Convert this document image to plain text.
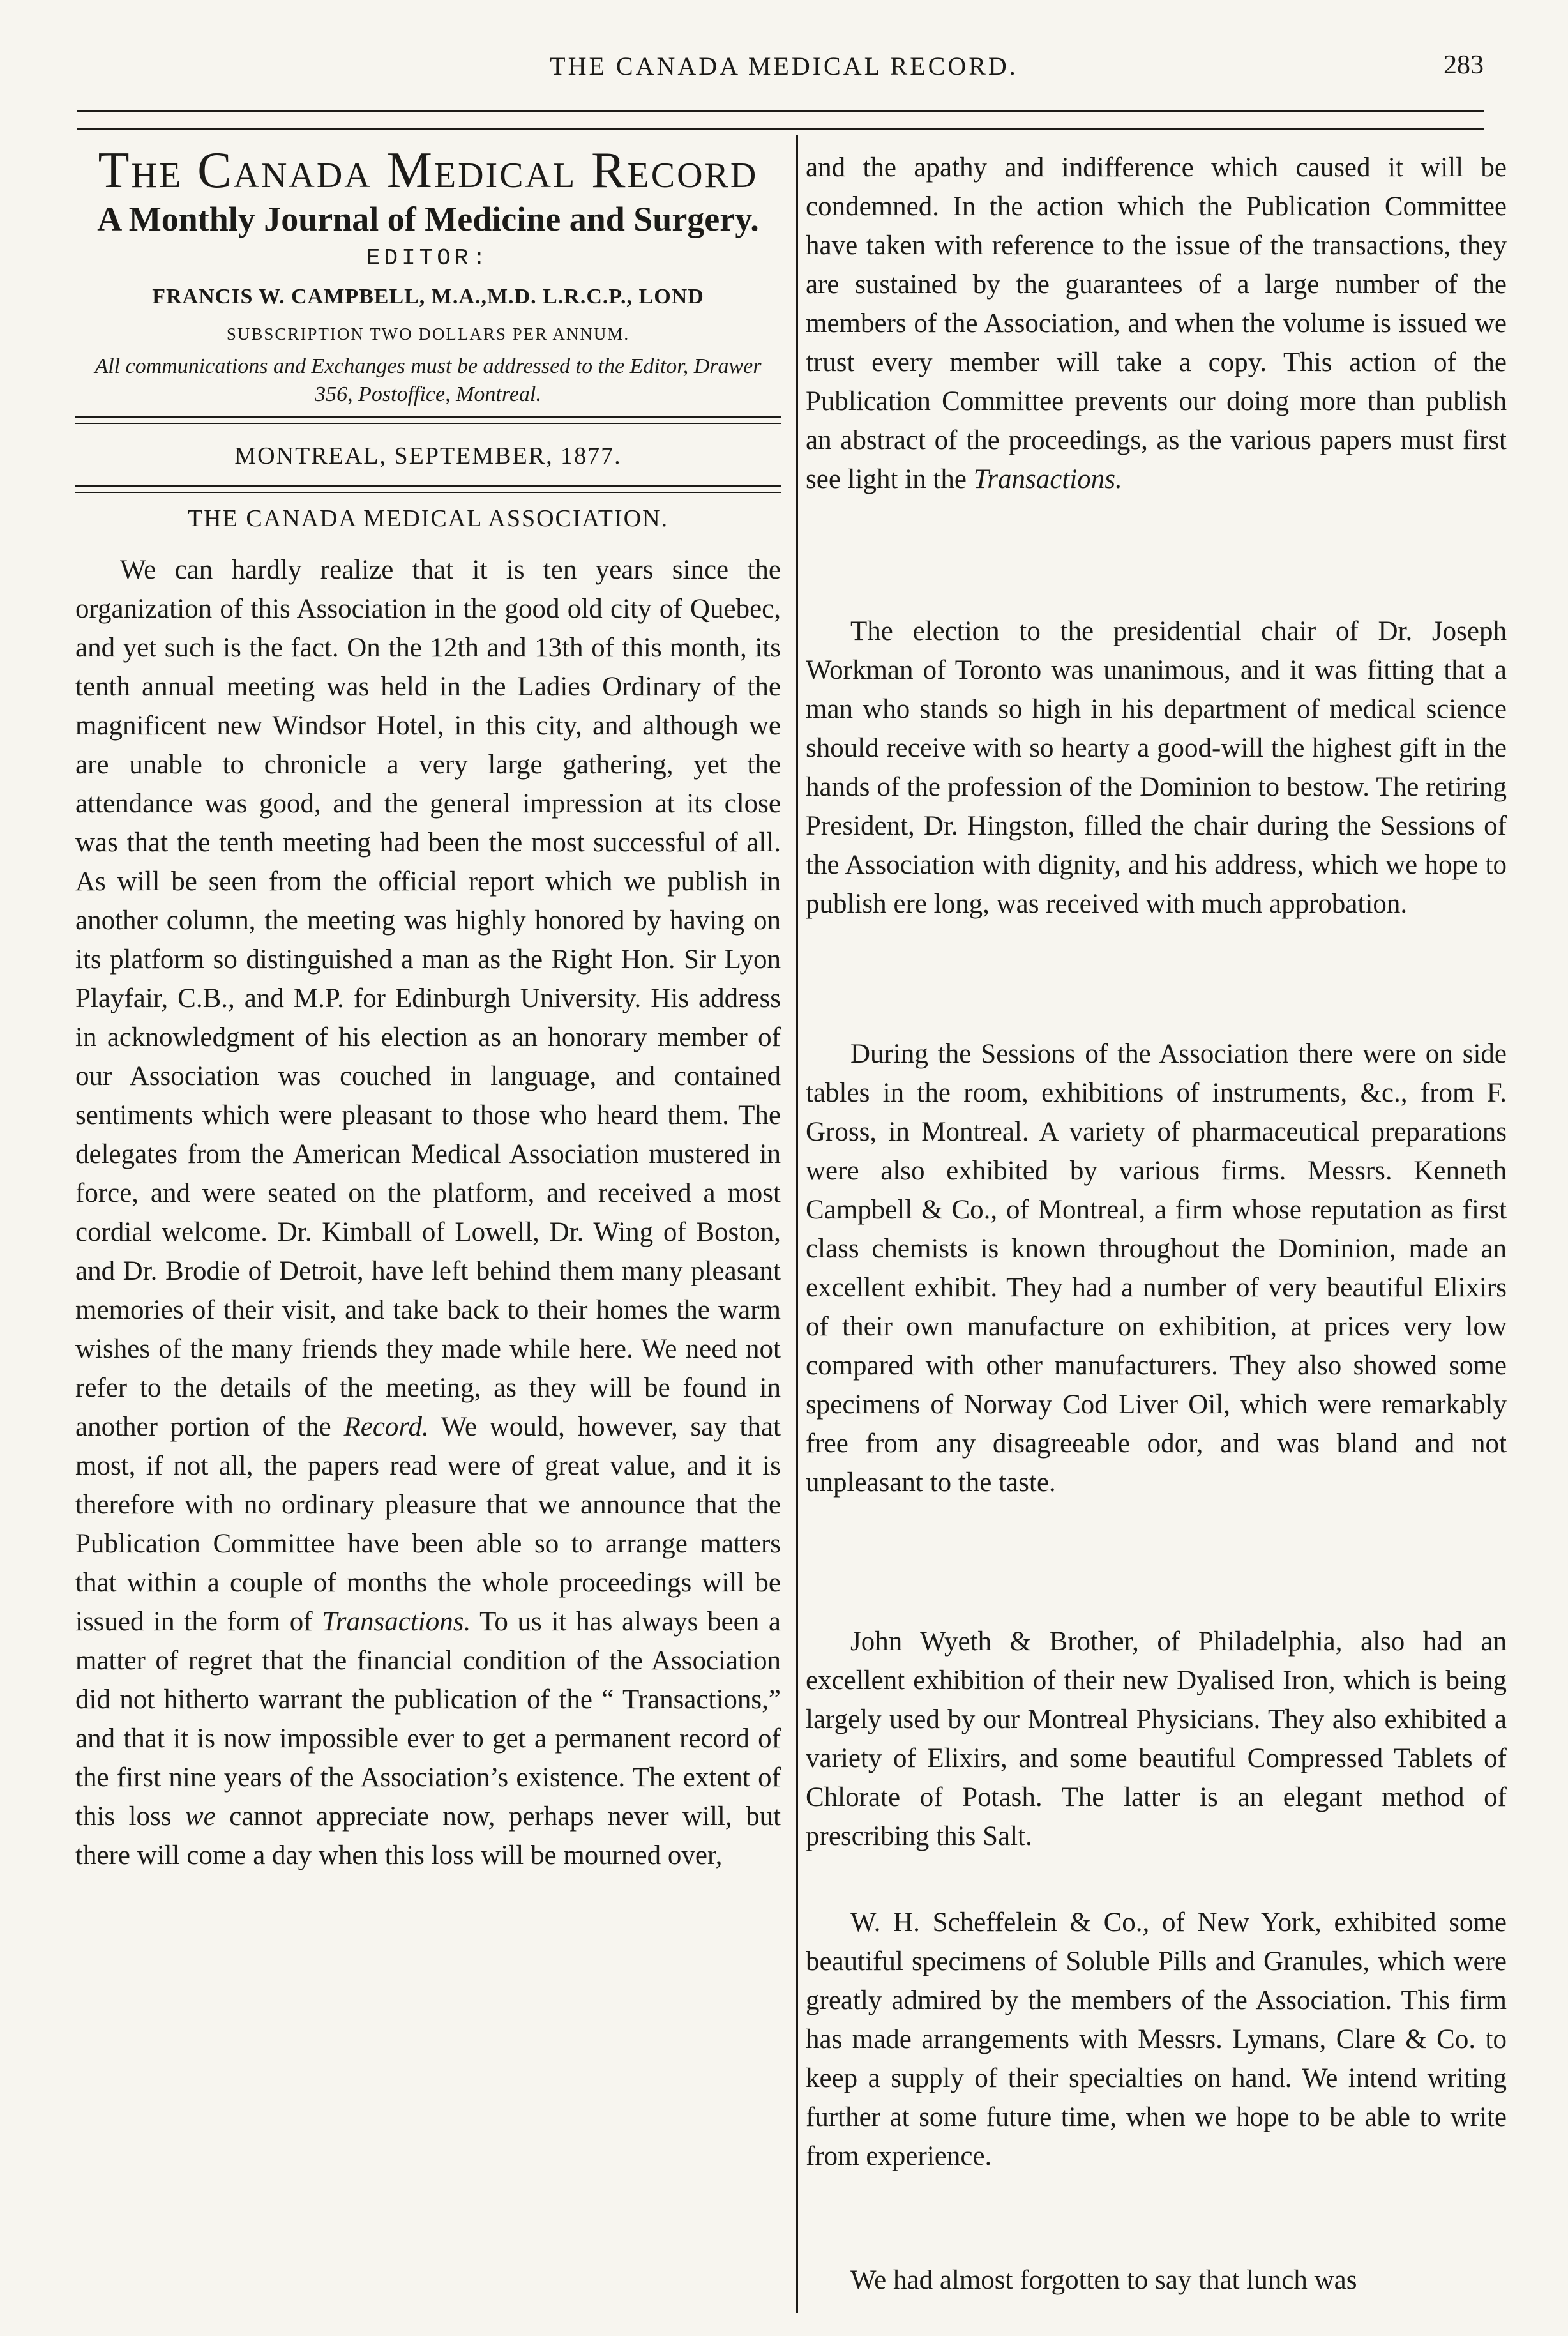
THE CANADA MEDICAL RECORD.	283
The Canada Medical Record
A Monthly Journal of Medicine and Surgery.
EDITOR:
FRANCIS W. CAMPBELL, M.A.,M.D. L.R.C.P., LOND
SUBSCRIPTION TWO DOLLARS PER ANNUM.
All communications and Exchanges must be addressed to the Editor, Drawer 356, Postoffice, Montreal.
MONTREAL, SEPTEMBER, 1877.
THE CANADA MEDICAL ASSOCIATION.

We can hardly realize that it is ten years since the organization of this Association in the good old city of Quebec, and yet such is the fact. On the 12th and 13th of this month, its tenth annual meeting was held in the Ladies Ordinary of the magnificent new Windsor Hotel, in this city, and although we are unable to chronicle a very large gathering, yet the attendance was good, and the general impression at its close was that the tenth meeting had been the most successful of all. As will be seen from the official report which we publish in another column, the meeting was highly honored by having on its platform so distinguished a man as the Right Hon. Sir Lyon Playfair, C.B., and M.P. for Edinburgh University. His address in acknowledgment of his election as an honorary member of our Association was couched in language, and contained sentiments which were pleasant to those who heard them. The delegates from the American Medical Association mustered in force, and were seated on the platform, and received a most cordial welcome. Dr. Kimball of Lowell, Dr. Wing of Boston, and Dr. Brodie of Detroit, have left behind them many pleasant memories of their visit, and take back to their homes the warm wishes of the many friends they made while here. We need not refer to the details of the meeting, as they will be found in another portion of the Record. We would, however, say that most, if not all, the papers read were of great value, and it is therefore with no ordinary pleasure that we announce that the Publication Committee have been able so to arrange matters that within a couple of months the whole proceedings will be issued in the form of Transactions. To us it has always been a matter of regret that the financial condition of the Association did not hitherto warrant the publication of the “ Transactions,” and that it is now impossible ever to get a permanent record of the first nine years of the Association’s existence. The extent of this loss we cannot appreciate now, perhaps never will, but there will come a day when this loss will be mourned over,

and the apathy and indifference which caused it will be condemned. In the action which the Publication Committee have taken with reference to the issue of the transactions, they are sustained by the guarantees of a large number of the members of the Association, and when the volume is issued we trust every member will take a copy. This action of the Publication Committee prevents our doing more than publish an abstract of the proceedings, as the various papers must first see light in the Transactions.

The election to the presidential chair of Dr. Joseph Workman of Toronto was unanimous, and it was fitting that a man who stands so high in his department of medical science should receive with so hearty a good-will the highest gift in the hands of the profession of the Dominion to bestow. The retiring President, Dr. Hingston, filled the chair during the Sessions of the Association with dignity, and his address, which we hope to publish ere long, was received with much approbation.

During the Sessions of the Association there were on side tables in the room, exhibitions of instruments, &c., from F. Gross, in Montreal. A variety of pharmaceutical preparations were also exhibited by various firms. Messrs. Kenneth Campbell & Co., of Montreal, a firm whose reputation as first class chemists is known throughout the Dominion, made an excellent exhibit. They had a number of very beautiful Elixirs of their own manufacture on exhibition, at prices very low compared with other manufacturers. They also showed some specimens of Norway Cod Liver Oil, which were remarkably free from any disagreeable odor, and was bland and not unpleasant to the taste.

John Wyeth & Brother, of Philadelphia, also had an excellent exhibition of their new Dyalised Iron, which is being largely used by our Montreal Physicians. They also exhibited a variety of Elixirs, and some beautiful Compressed Tablets of Chlorate of Potash. The latter is an elegant method of prescribing this Salt.

W. H. Scheffelein & Co., of New York, exhibited some beautiful specimens of Soluble Pills and Granules, which were greatly admired by the members of the Association. This firm has made arrangements with Messrs. Lymans, Clare & Co. to keep a supply of their specialties on hand. We intend writing further at some future time, when we hope to be able to write from experience.

We had almost forgotten to say that lunch was
